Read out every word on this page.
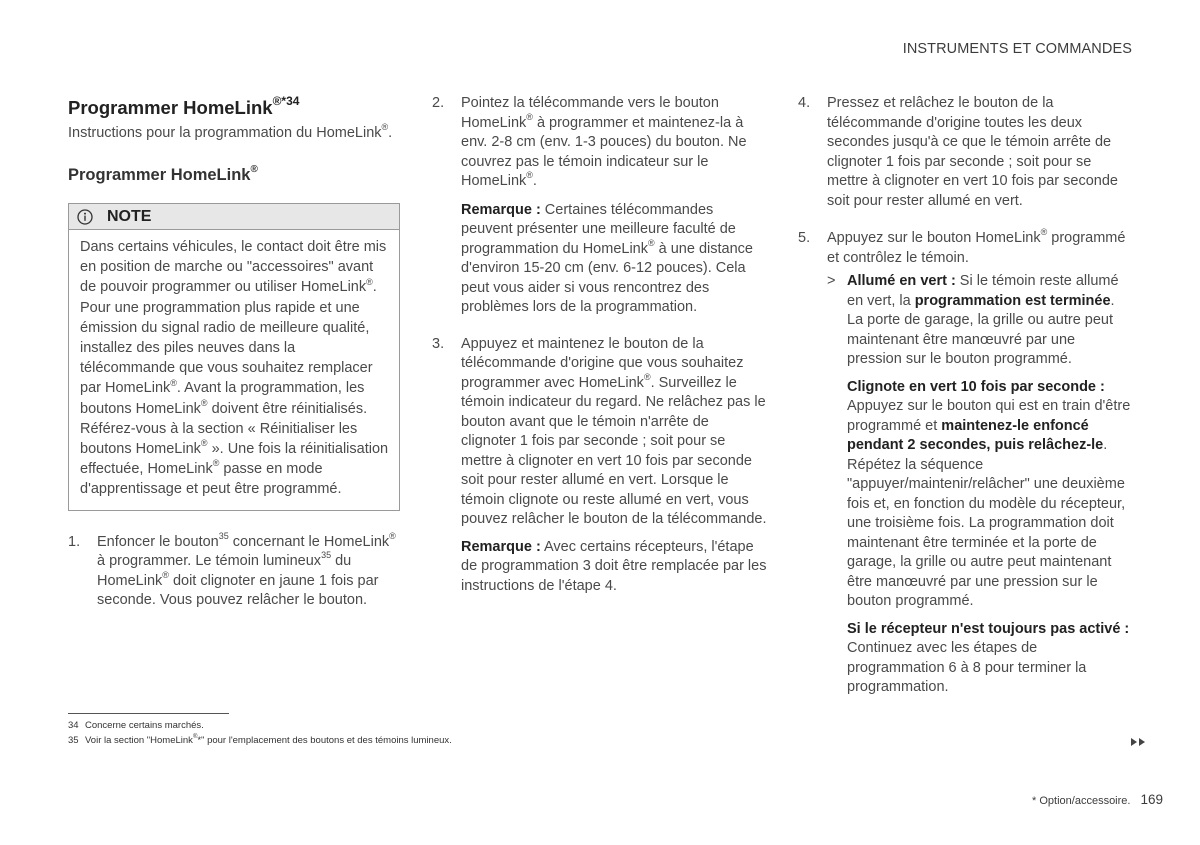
INSTRUMENTS ET COMMANDES
Programmer HomeLink$^{®*34}$
Instructions pour la programmation du HomeLink®.
Programmer HomeLink®
NOTE
Dans certains véhicules, le contact doit être mis en position de marche ou "accessoires" avant de pouvoir programmer ou utiliser HomeLink®. Pour une programmation plus rapide et une émission du signal radio de meilleure qualité, installez des piles neuves dans la télécommande que vous souhaitez remplacer par HomeLink®. Avant la programmation, les boutons HomeLink® doivent être réinitialisés. Référez-vous à la section « Réinitialiser les boutons HomeLink® ». Une fois la réinitialisation effectuée, HomeLink® passe en mode d'apprentissage et peut être programmé.
1.	Enfoncer le bouton$^{35}$ concernant le HomeLink® à programmer. Le témoin lumineux$^{35}$ du HomeLink® doit clignoter en jaune 1 fois par seconde. Vous pouvez relâcher le bouton.
2.	Pointez la télécommande vers le bouton HomeLink® à programmer et maintenez-la à env. 2-8 cm (env. 1-3 pouces) du bouton. Ne couvrez pas le témoin indicateur sur le HomeLink®.
Remarque : Certaines télécommandes peuvent présenter une meilleure faculté de programmation du HomeLink® à une distance d'environ 15-20 cm (env. 6-12 pouces). Cela peut vous aider si vous rencontrez des problèmes lors de la programmation.
3.	Appuyez et maintenez le bouton de la télécommande d'origine que vous souhaitez programmer avec HomeLink®. Surveillez le témoin indicateur du regard. Ne relâchez pas le bouton avant que le témoin n'arrête de clignoter 1 fois par seconde ; soit pour se mettre à clignoter en vert 10 fois par seconde soit pour rester allumé en vert. Lorsque le témoin clignote ou reste allumé en vert, vous pouvez relâcher le bouton de la télécommande.
Remarque : Avec certains récepteurs, l'étape de programmation 3 doit être remplacée par les instructions de l'étape 4.
4.	Pressez et relâchez le bouton de la télécommande d'origine toutes les deux secondes jusqu'à ce que le témoin arrête de clignoter 1 fois par seconde ; soit pour se mettre à clignoter en vert 10 fois par seconde soit pour rester allumé en vert.
5.	Appuyez sur le bouton HomeLink® programmé et contrôlez le témoin.
> Allumé en vert : Si le témoin reste allumé en vert, la programmation est terminée. La porte de garage, la grille ou autre peut maintenant être manœuvré par une pression sur le bouton programmé.
Clignote en vert 10 fois par seconde : Appuyez sur le bouton qui est en train d'être programmé et maintenez-le enfoncé pendant 2 secondes, puis relâchez-le. Répétez la séquence "appuyer/maintenir/relâcher" une deuxième fois et, en fonction du modèle du récepteur, une troisième fois. La programmation doit maintenant être terminée et la porte de garage, la grille ou autre peut maintenant être manœuvré par une pression sur le bouton programmé.
Si le récepteur n'est toujours pas activé : Continuez avec les étapes de programmation 6 à 8 pour terminer la programmation.
34 Concerne certains marchés.
35 Voir la section "HomeLink®*" pour l'emplacement des boutons et des témoins lumineux.
* Option/accessoire. 169
